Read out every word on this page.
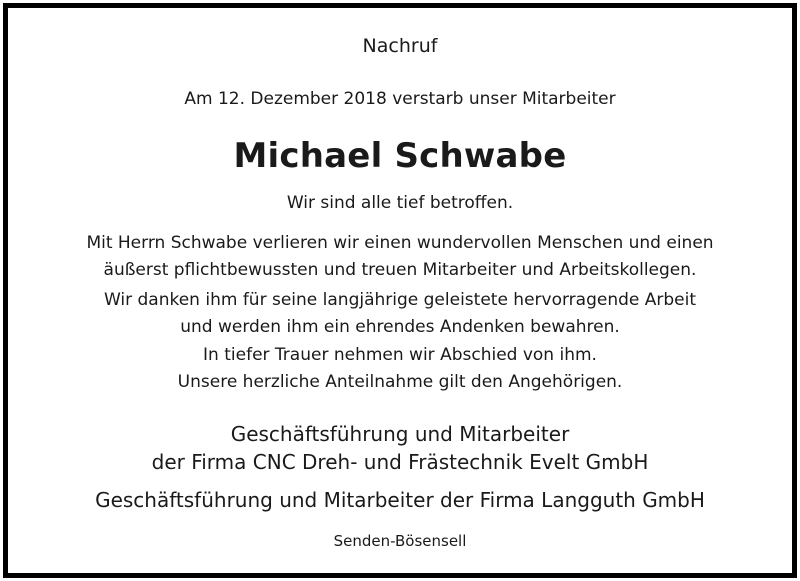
Nachruf
Am 12. Dezember 2018 verstarb unser Mitarbeiter
Michael Schwabe
Wir sind alle tief betroffen.
Mit Herrn Schwabe verlieren wir einen wundervollen Menschen und einen
äußerst pflichtbewussten und treuen Mitarbeiter und Arbeitskollegen.
Wir danken ihm für seine langjährige geleistete hervorragende Arbeit
und werden ihm ein ehrendes Andenken bewahren.
In tiefer Trauer nehmen wir Abschied von ihm.
Unsere herzliche Anteilnahme gilt den Angehörigen.
Geschäftsführung und Mitarbeiter
der Firma CNC Dreh- und Frästechnik Evelt GmbH
Geschäftsführung und Mitarbeiter der Firma Langguth GmbH
Senden-Bösensell
